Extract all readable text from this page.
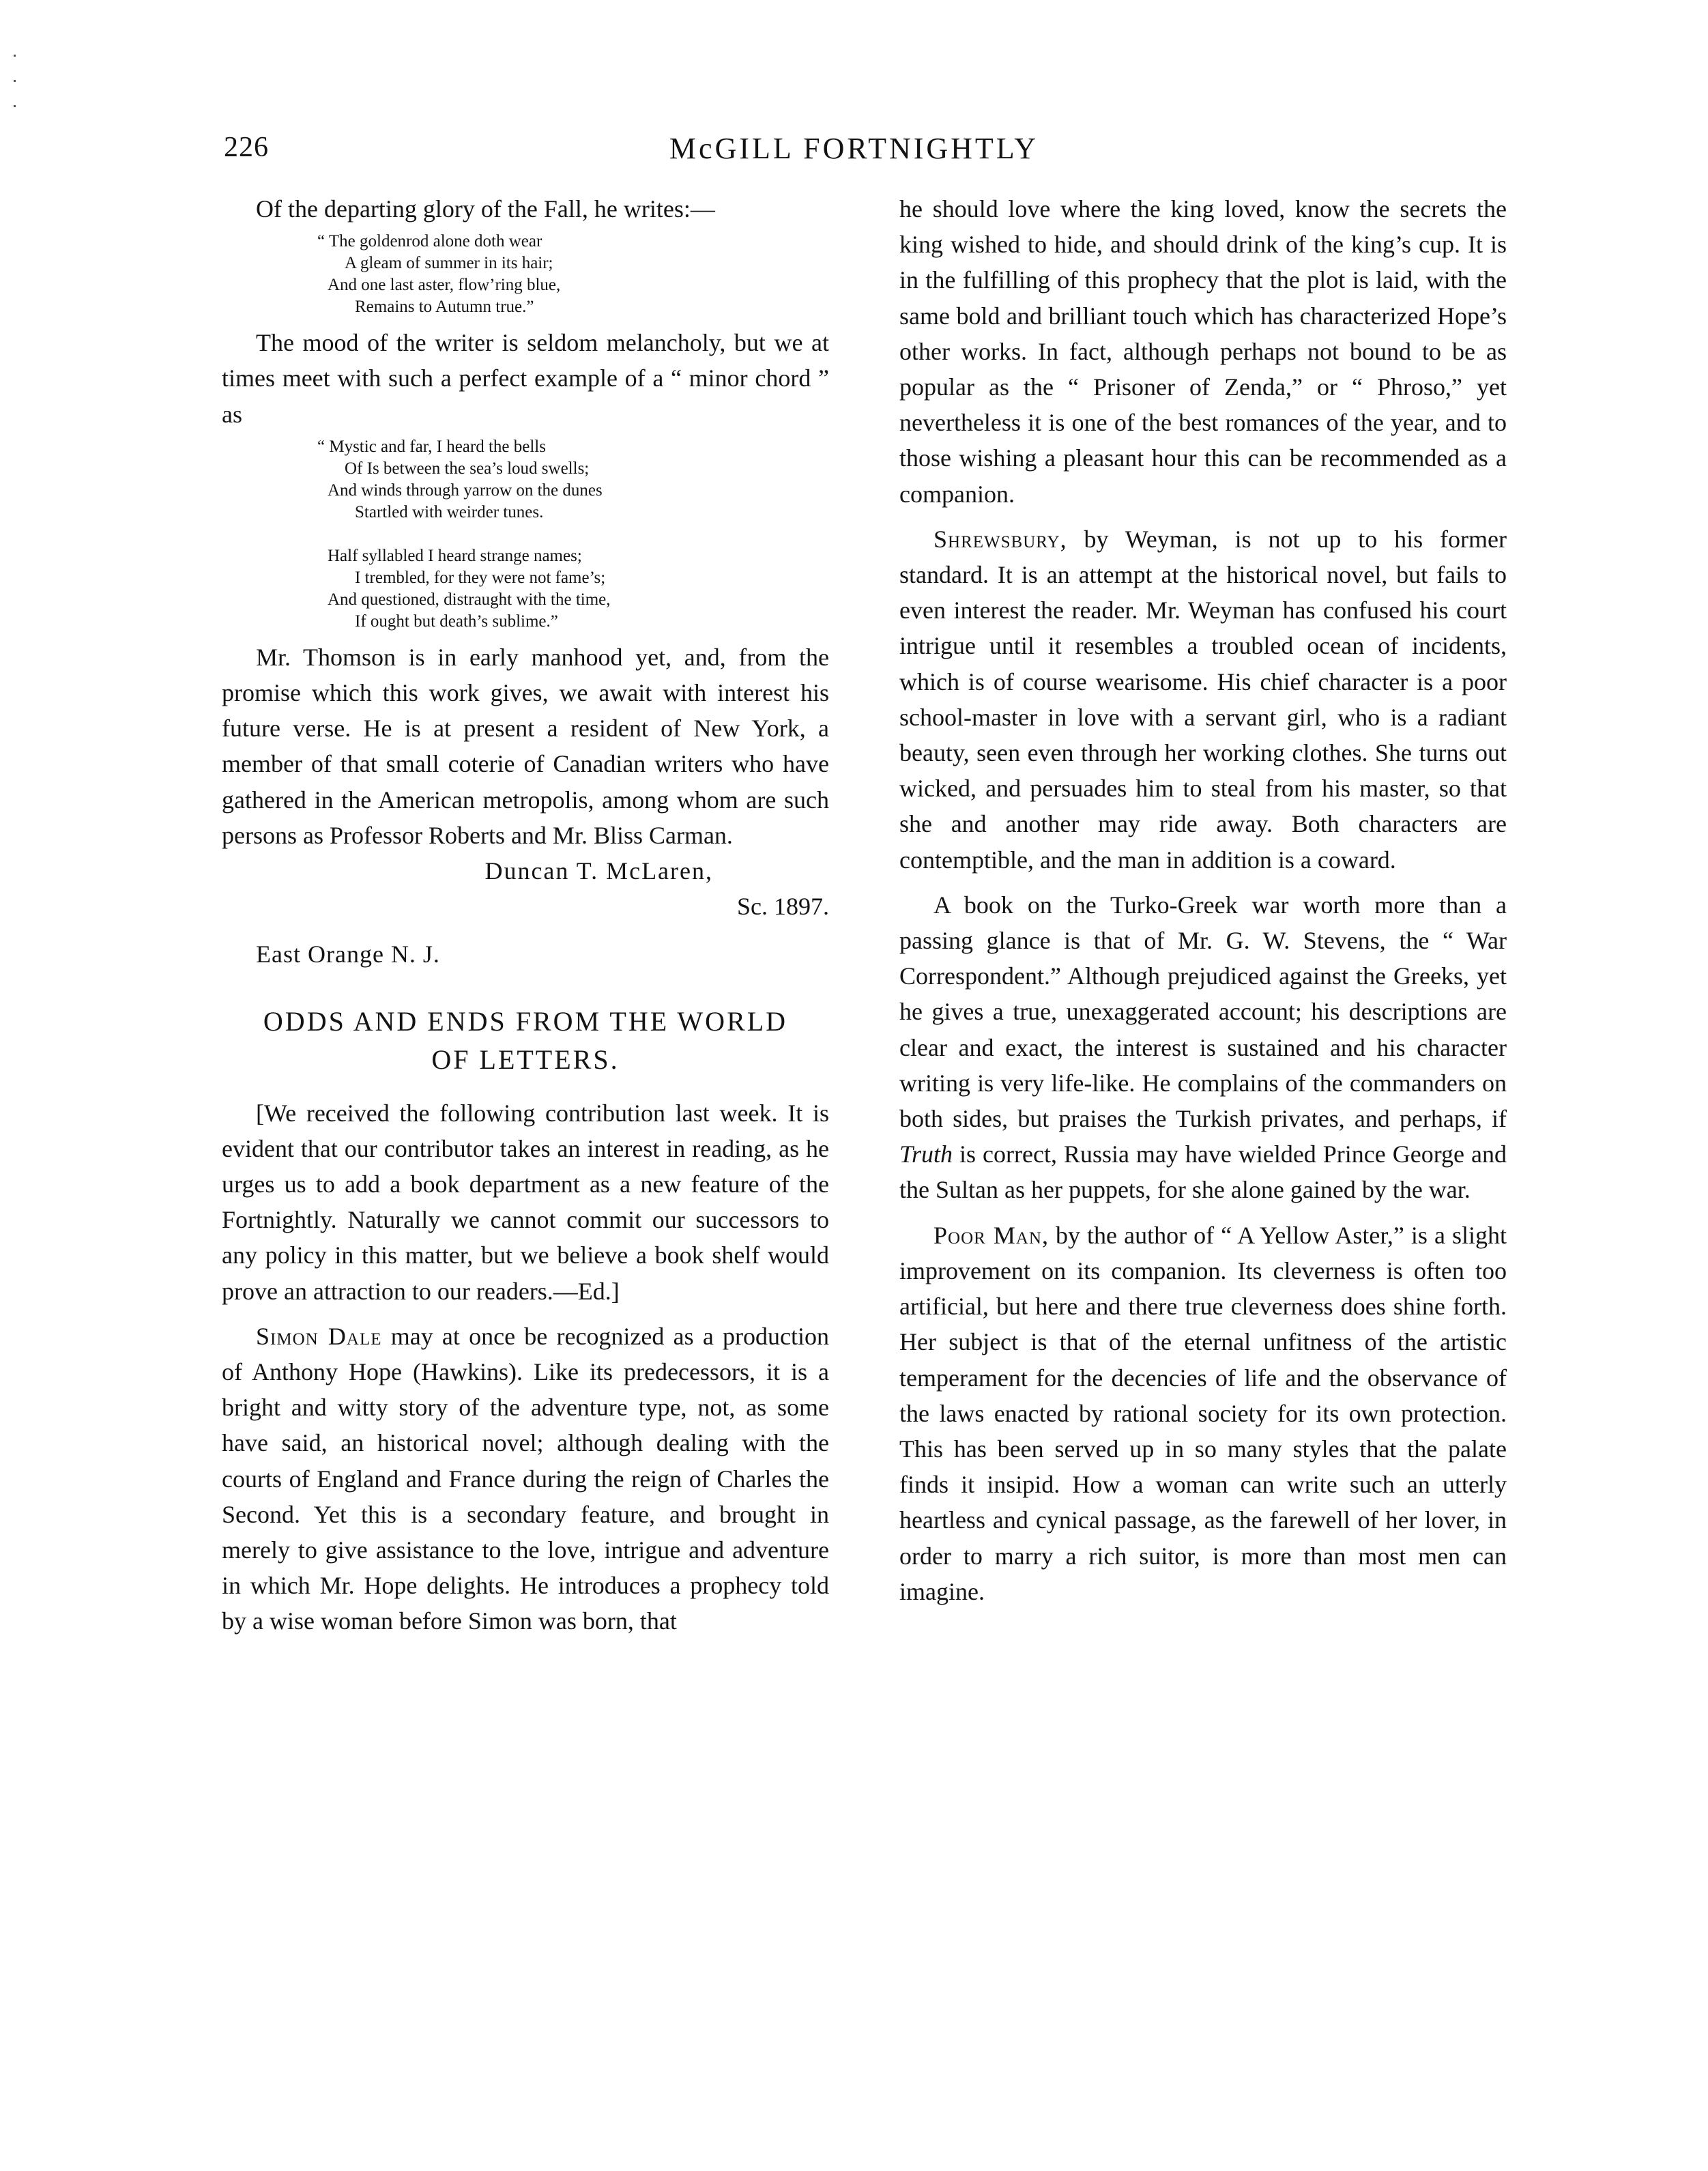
226	McGILL FORTNIGHTLY

Of the departing glory of the Fall, he writes:—

“ The goldenrod alone doth wear
A gleam of summer in its hair;
And one last aster, flow’ring blue,
Remains to Autumn true.”

The mood of the writer is seldom melancholy, but we at times meet with such a perfect example of a “ minor chord ” as

“ Mystic and far, I heard the bells
Of Is between the sea’s loud swells;
And winds through yarrow on the dunes
Startled with weirder tunes.
Half syllabled I heard strange names;
I trembled, for they were not fame’s;
And questioned, distraught with the time,
If ought but death’s sublime.”

Mr. Thomson is in early manhood yet, and, from the promise which this work gives, we await with interest his future verse. He is at present a resident of New York, a member of that small coterie of Canadian writers who have gathered in the American metropolis, among whom are such persons as Professor Roberts and Mr. Bliss Carman.

Duncan T. McLaren,

Sc. 1897.

East Orange N. J.

ODDS AND ENDS FROM THE WORLD
OF LETTERS.

[We received the following contribution last week. It is evident that our contributor takes an interest in reading, as he urges us to add a book department as a new feature of the Fortnightly. Naturally we cannot commit our successors to any policy in this matter, but we believe a book shelf would prove an attraction to our readers.—Ed.]

Simon Dale may at once be recognized as a production of Anthony Hope (Hawkins). Like its predecessors, it is a bright and witty story of the adventure type, not, as some have said, an historical novel; although dealing with the courts of England and France during the reign of Charles the Second. Yet this is a secondary feature, and brought in merely to give assistance to the love, intrigue and adventure in which Mr. Hope delights. He introduces a prophecy told by a wise woman before Simon was born, that

he should love where the king loved, know the secrets the king wished to hide, and should drink of the king’s cup. It is in the fulfilling of this prophecy that the plot is laid, with the same bold and brilliant touch which has characterized Hope’s other works. In fact, although perhaps not bound to be as popular as the “ Prisoner of Zenda,” or “ Phroso,” yet nevertheless it is one of the best romances of the year, and to those wishing a pleasant hour this can be recommended as a companion.

Shrewsbury, by Weyman, is not up to his former standard. It is an attempt at the historical novel, but fails to even interest the reader. Mr. Weyman has confused his court intrigue until it resembles a troubled ocean of incidents, which is of course wearisome. His chief character is a poor school-master in love with a servant girl, who is a radiant beauty, seen even through her working clothes. She turns out wicked, and persuades him to steal from his master, so that she and another may ride away. Both characters are contemptible, and the man in addition is a coward.

A book on the Turko-Greek war worth more than a passing glance is that of Mr. G. W. Stevens, the “ War Correspondent.” Although prejudiced against the Greeks, yet he gives a true, unexaggerated account; his descriptions are clear and exact, the interest is sustained and his character writing is very life-like. He complains of the commanders on both sides, but praises the Turkish privates, and perhaps, if Truth is correct, Russia may have wielded Prince George and the Sultan as her puppets, for she alone gained by the war.

Poor Man, by the author of “ A Yellow Aster,” is a slight improvement on its companion. Its cleverness is often too artificial, but here and there true cleverness does shine forth. Her subject is that of the eternal unfitness of the artistic temperament for the decencies of life and the observance of the laws enacted by rational society for its own protection. This has been served up in so many styles that the palate finds it insipid. How a woman can write such an utterly heartless and cynical passage, as the farewell of her lover, in order to marry a rich suitor, is more than most men can imagine.
